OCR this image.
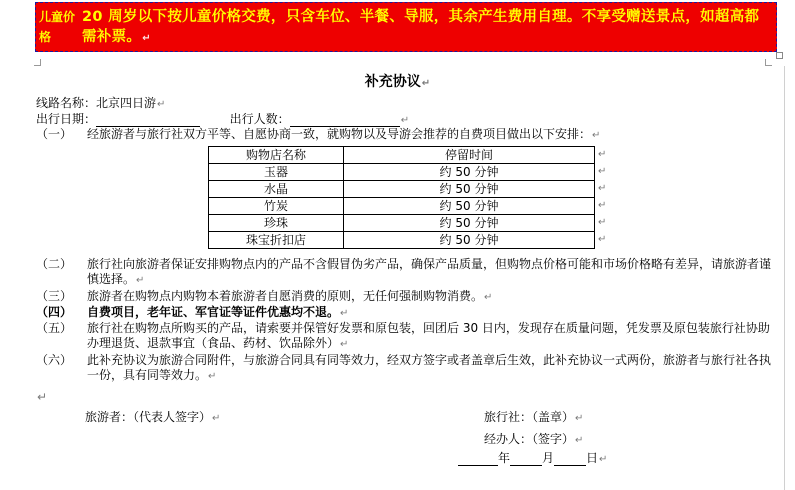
儿童价格
20 周岁以下按儿童价格交费，只含车位、半餐、导服，其余产生费用自理。不享受赠送景点，如超高都需补票。↵
补充协议↵
线路名称：北京四日游↵
出行日期：	出行人数：	↵
（一） 经旅游者与旅行社双方平等、自愿协商一致，就购物以及导游会推荐的自费项目做出以下安排：↵
购物店名称	停留时间
玉器	约 50 分钟
水晶	约 50 分钟
竹炭	约 50 分钟
珍珠	约 50 分钟
珠宝折扣店	约 50 分钟
↵
↵
↵
↵
↵
↵
（二） 旅行社向旅游者保证安排购物点内的产品不含假冒伪劣产品，确保产品质量，但购物点价格可能和市场价格略有差异，请旅游者谨慎选择。↵
（三） 旅游者在购物点内购物本着旅游者自愿消费的原则，无任何强制购物消费。↵
（四） 自费项目，老年证、军官证等证件优惠均不退。↵
（五） 旅行社在购物点所购买的产品，请索要并保管好发票和原包装，回团后 30 日内，发现存在质量问题，凭发票及原包装旅行社协助办理退货、退款事宜（食品、药材、饮品除外）↵
（六） 此补充协议为旅游合同附件，与旅游合同具有同等效力，经双方签字或者盖章后生效，此补充协议一式两份，旅游者与旅行社各执一份，具有同等效力。↵
↵
旅游者：（代表人签字）↵	旅行社：（盖章）↵
经办人：（签字）↵
年	月	日↵
